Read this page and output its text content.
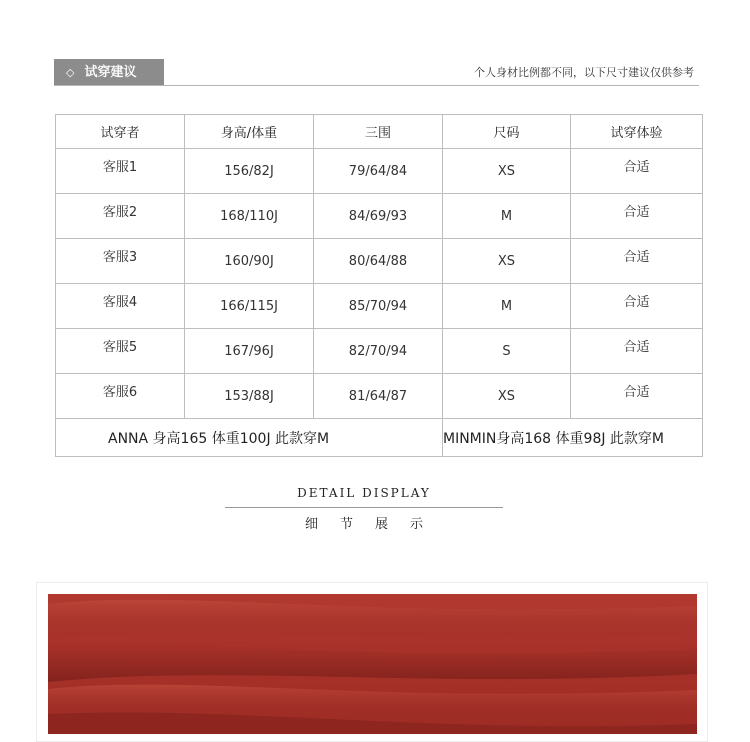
◇ 试穿建议	个人身材比例都不同，以下尺寸建议仅供参考
试穿者	身高/体重	三围	尺码	试穿体验
客服1	156/82J	79/64/84	XS	合适
客服2	168/110J	84/69/93	M	合适
客服3	160/90J	80/64/88	XS	合适
客服4	166/115J	85/70/94	M	合适
客服5	167/96J	82/70/94	S	合适
客服6	153/88J	81/64/87	XS	合适
ANNA 身高165 体重100J 此款穿M			MINMIN身高168 体重98J 此款穿M	
DETAIL DISPLAY
细节展示
